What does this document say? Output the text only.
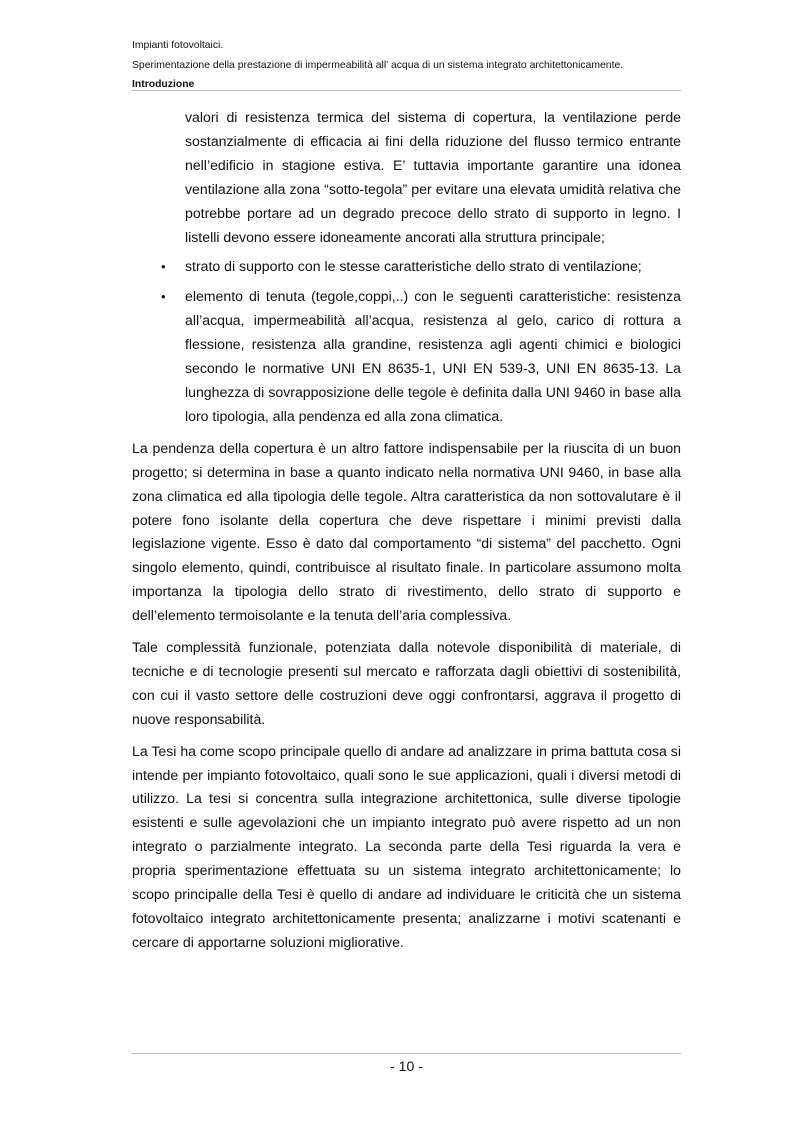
Impianti fotovoltaici.
Sperimentazione della prestazione di impermeabilità all’ acqua di un sistema integrato architettonicamente.
Introduzione
valori di resistenza termica del sistema di copertura, la ventilazione perde sostanzialmente di efficacia ai fini della riduzione del flusso termico entrante nell’edificio in stagione estiva. E’ tuttavia importante garantire una idonea ventilazione alla zona “sotto-tegola” per evitare una elevata umidità relativa che potrebbe portare ad un degrado precoce dello strato di supporto in legno. I listelli devono essere idoneamente ancorati alla struttura principale;
•	strato di supporto con le stesse caratteristiche dello strato di ventilazione;
•	elemento di tenuta (tegole,coppi,..) con le seguenti caratteristiche: resistenza all’acqua, impermeabilità all’acqua, resistenza al gelo, carico di rottura a flessione, resistenza alla grandine, resistenza agli agenti chimici e biologici secondo le normative UNI EN 8635-1, UNI EN 539-3, UNI EN 8635-13. La lunghezza di sovrapposizione delle tegole è definita dalla UNI 9460 in base alla loro tipologia, alla pendenza ed alla zona climatica.

La pendenza della copertura è un altro fattore indispensabile per la riuscita di un buon progetto; si determina in base a quanto indicato nella normativa UNI 9460, in base alla zona climatica ed alla tipologia delle tegole. Altra caratteristica da non sottovalutare è il potere fono isolante della copertura che deve rispettare i minimi previsti dalla legislazione vigente. Esso è dato dal comportamento “di sistema” del pacchetto. Ogni singolo elemento, quindi, contribuisce al risultato finale. In particolare assumono molta importanza la tipologia dello strato di rivestimento, dello strato di supporto e dell’elemento termoisolante e la tenuta dell’aria complessiva.

Tale complessità funzionale, potenziata dalla notevole disponibilità di materiale, di tecniche e di tecnologie presenti sul mercato e rafforzata dagli obiettivi di sostenibilità, con cui il vasto settore delle costruzioni deve oggi confrontarsi, aggrava il progetto di nuove responsabilità.

La Tesi ha come scopo principale quello di andare ad analizzare in prima battuta cosa si intende per impianto fotovoltaico, quali sono le sue applicazioni, quali i diversi metodi di utilizzo. La tesi si concentra sulla integrazione architettonica, sulle diverse tipologie esistenti e sulle agevolazioni che un impianto integrato può avere rispetto ad un non integrato o parzialmente integrato. La seconda parte della Tesi riguarda la vera e propria sperimentazione effettuata su un sistema integrato architettonicamente; lo scopo principalle della Tesi è quello di andare ad individuare le criticità che un sistema fotovoltaico integrato architettonicamente presenta; analizzarne i motivi scatenanti e cercare di apportarne soluzioni migliorative.

- 10 -
